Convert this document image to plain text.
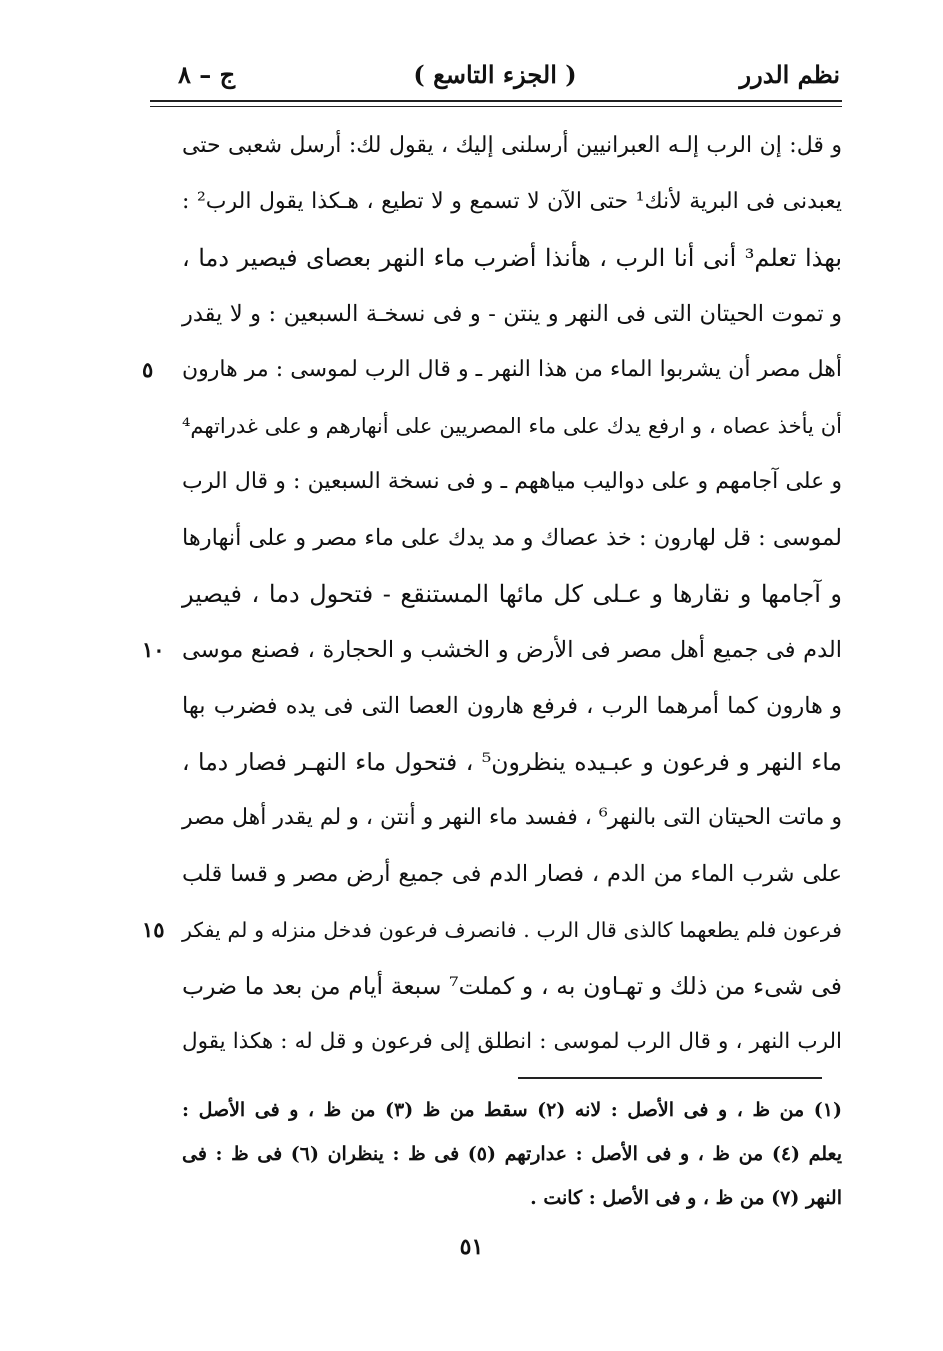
نظم الدرر
( الجزء التاسع )
ج – ٨
و قل: إن الرب إلـه العبرانيين أرسلنى إليك ، يقول لك: أرسل شعبى حتى
يعبدنى فى البرية لأنك¹ حتى الآن لا تسمع و لا تطيع ، هـكذا يقول الرب² :
بهذا تعلم³ أنى أنا الرب ، هأنذا أضرب ماء النهر بعصاى فيصير دما ،
و تموت الحيتان التى فى النهر و ينتن - و فى نسخـة السبعين : و لا يقدر
أهل مصر أن يشربوا الماء من هذا النهر ـ و قال الرب لموسى : مر هارون
٥
أن يأخذ عصاه ، و ارفع يدك على ماء المصريين على أنهارهم و على غدراتهم⁴
و على آجامهم و على دواليب مياههم ـ و فى نسخة السبعين : و قال الرب
لموسى : قل لهارون : خذ عصاك و مد يدك على ماء مصر و على أنهارها
و آجامها و نقارها و عـلى كل مائها المستنقع - فتحول دما ، فيصير
الدم فى جميع أهل مصر فى الأرض و الخشب و الحجارة ، فصنع موسى
١٠
و هارون كما أمرهما الرب ، فرفع هارون العصا التى فى يده فضرب بها
ماء النهر و فرعون و عبـيده ينظرون⁵ ، فتحول ماء النهـر فصار دما ،
و ماتت الحيتان التى بالنهر⁶ ، ففسد ماء النهر و أنتن ، و لم يقدر أهل مصر
على شرب الماء من الدم ، فصار الدم فى جميع أرض مصر و قسا قلب
فرعون فلم يطعهما كالذى قال الرب . فانصرف فرعون فدخل منزله و لم يفكر
١٥
فى شىء من ذلك و تهـاون به ، و كملت⁷ سبعة أيام من بعد ما ضرب
الرب النهر ، و قال الرب لموسى : انطلق إلى فرعون و قل له : هكذا يقول
(١) من ظ ، و فى الأصل : لانه (٢) سقط من ظ (٣) من ظ ، و فى الأصل :
يعلم (٤) من ظ ، و فى الأصل : عدارتهم (٥) فى ظ : ينظران (٦) فى ظ : فى
النهر (٧) من ظ ، و فى الأصل : كانت .
٥١
